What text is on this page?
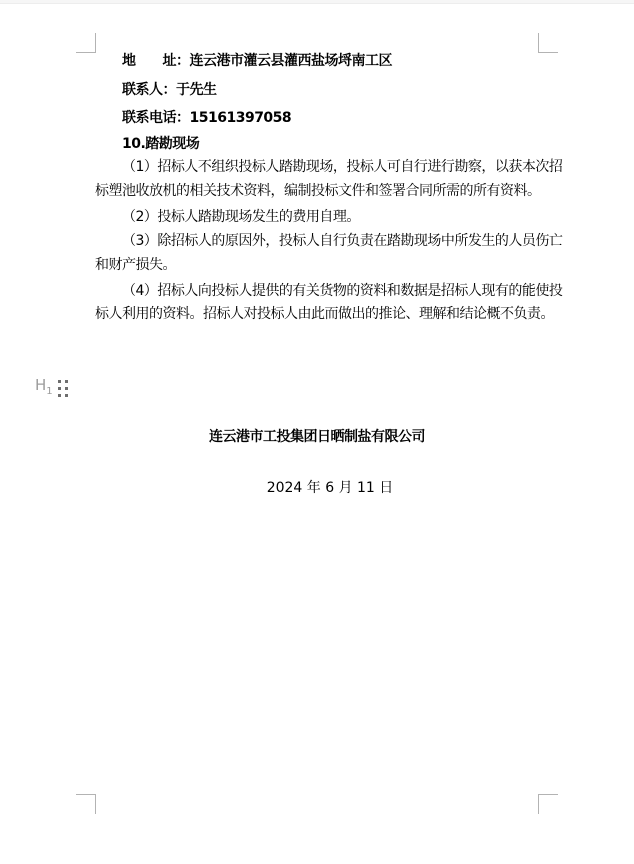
地　　址：连云港市灌云县灌西盐场埒南工区
联系人：于先生
联系电话：15161397058
10.踏勘现场
（1）招标人不组织投标人踏勘现场，投标人可自行进行勘察，以获本次招
标塑池收放机的相关技术资料，编制投标文件和签署合同所需的所有资料。
（2）投标人踏勘现场发生的费用自理。
（3）除招标人的原因外，投标人自行负责在踏勘现场中所发生的人员伤亡
和财产损失。
（4）招标人向投标人提供的有关货物的资料和数据是招标人现有的能使投
标人利用的资料。招标人对投标人由此而做出的推论、理解和结论概不负责。
$H_1$
连云港市工投集团日晒制盐有限公司
2024 年 6 月 11 日
